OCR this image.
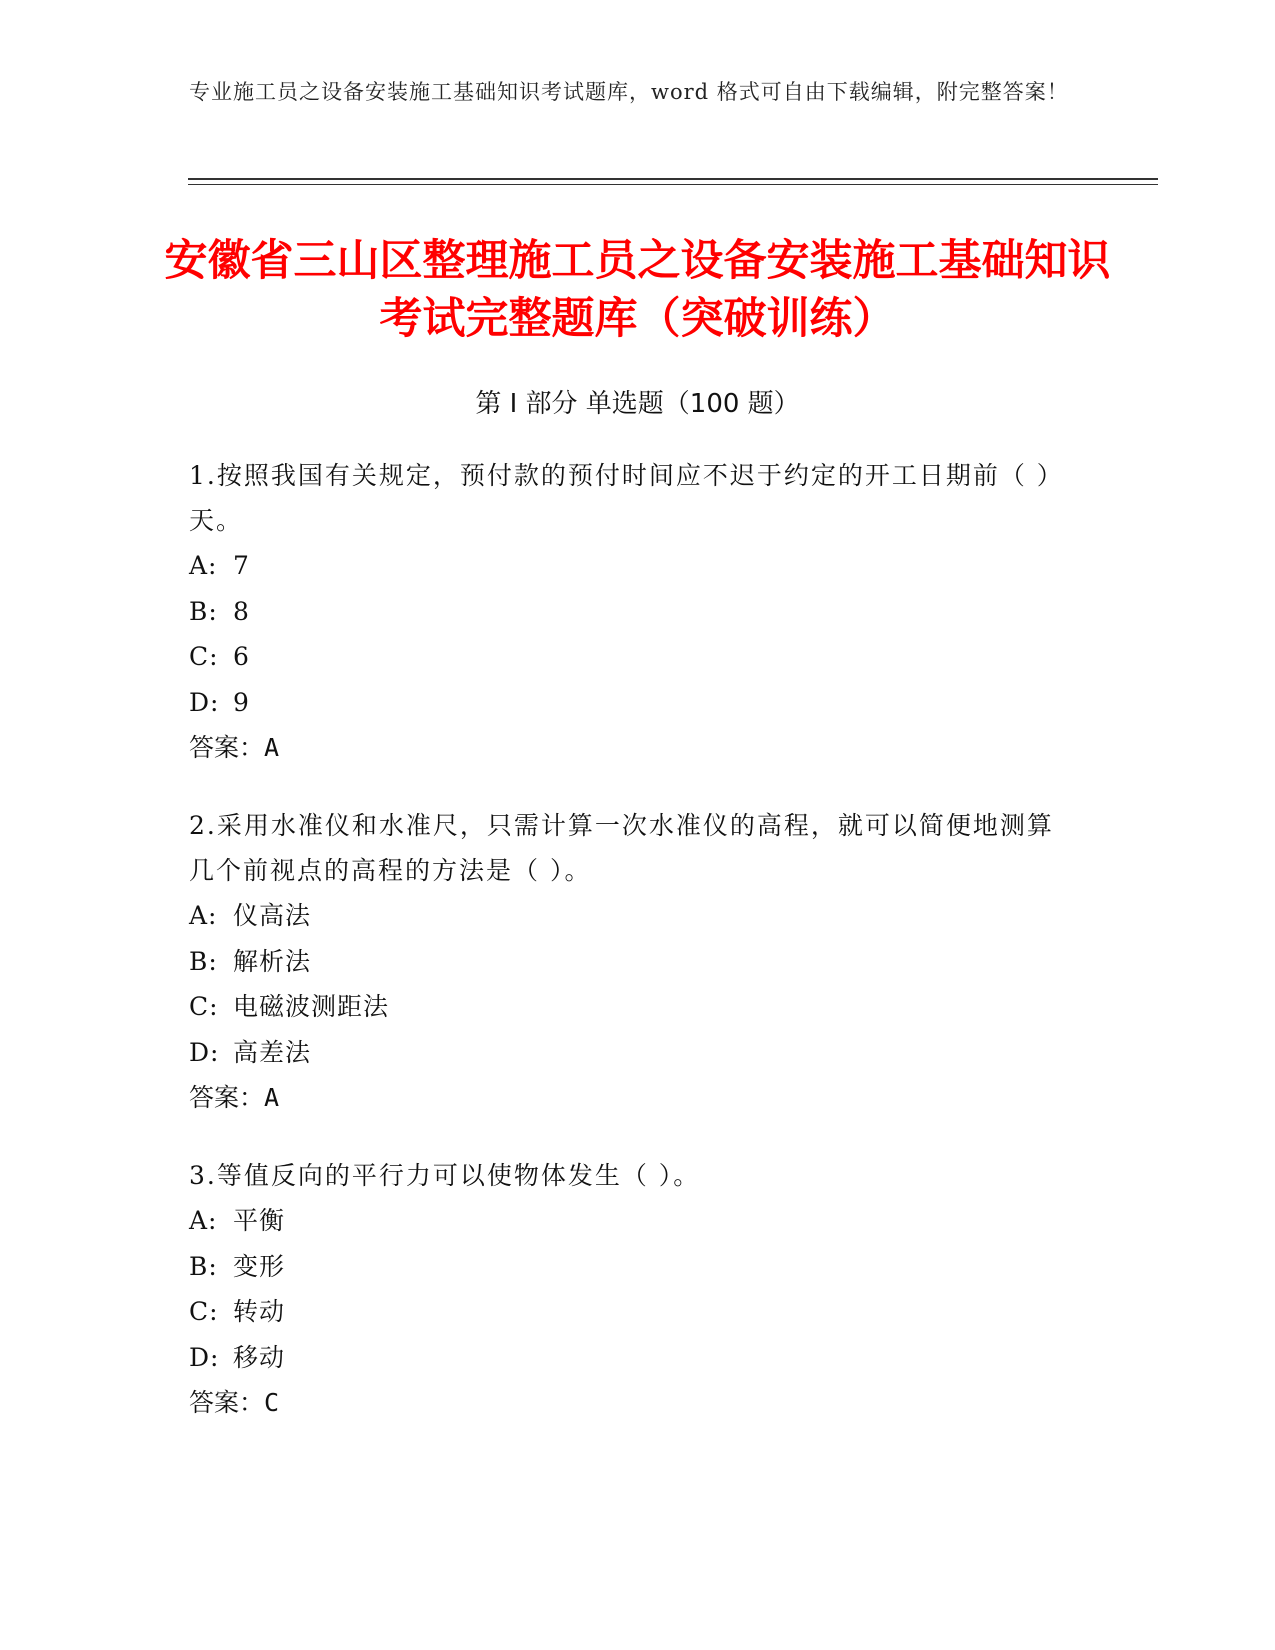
专业施工员之设备安装施工基础知识考试题库，word 格式可自由下载编辑，附完整答案！
安徽省三山区整理施工员之设备安装施工基础知识考试完整题库（突破训练）
第 I 部分 单选题（100 题）

1.按照我国有关规定，预付款的预付时间应不迟于约定的开工日期前（ ）天。

A: 7

B: 8

C: 6

D: 9

答案：A

2.采用水准仪和水准尺，只需计算一次水准仪的高程，就可以简便地测算几个前视点的高程的方法是（ ）。

A: 仪高法

B: 解析法

C: 电磁波测距法

D: 高差法

答案：A

3.等值反向的平行力可以使物体发生（ ）。

A: 平衡

B: 变形

C: 转动

D: 移动

答案：C
